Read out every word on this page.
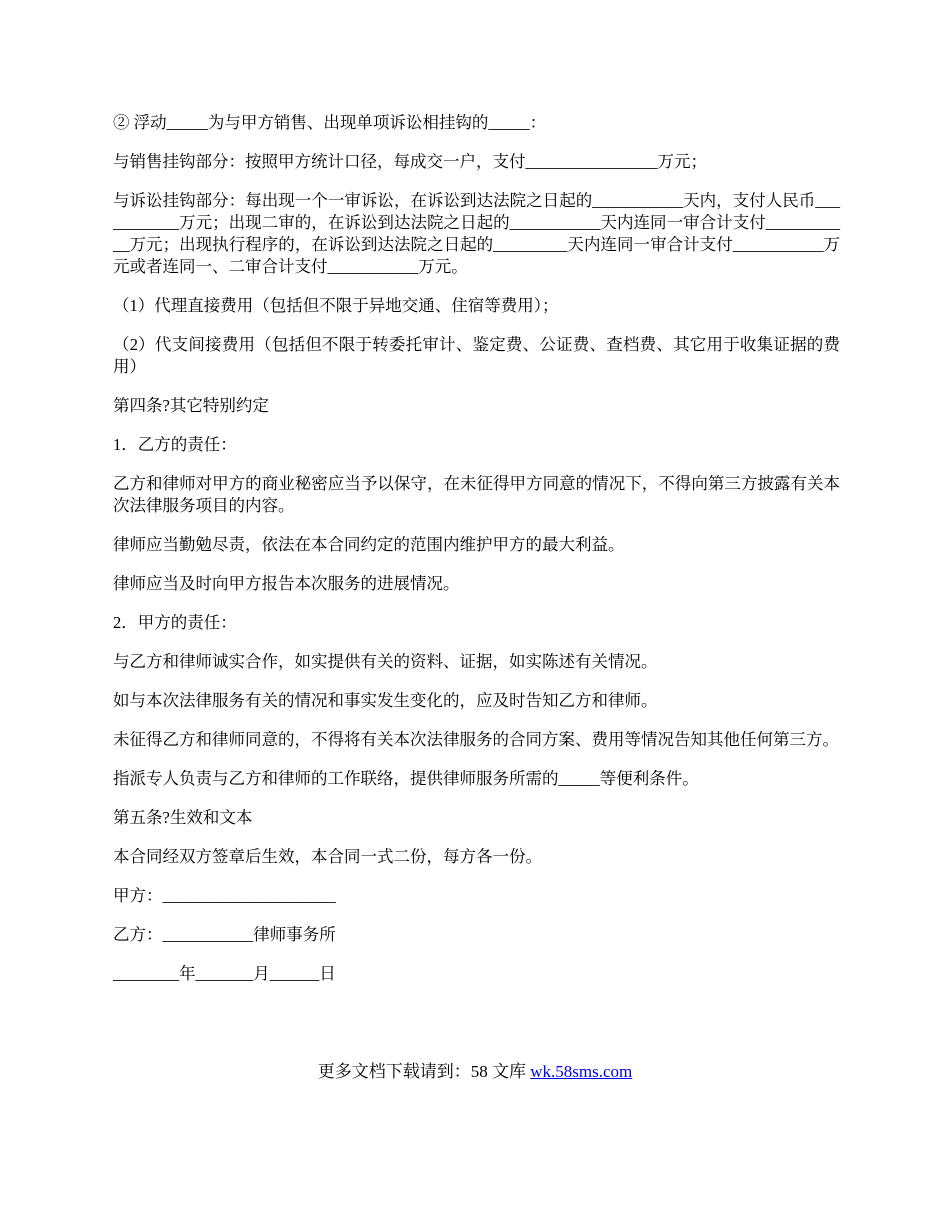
② 浮动_____为与甲方销售、出现单项诉讼相挂钩的_____：

与销售挂钩部分：按照甲方统计口径，每成交一户，支付________________万元；

与诉讼挂钩部分：每出现一个一审诉讼，在诉讼到达法院之日起的___________天内，支付人民币___________万元；出现二审的，在诉讼到达法院之日起的___________天内连同一审合计支付___________万元；出现执行程序的，在诉讼到达法院之日起的_________天内连同一审合计支付___________万元或者连同一、二审合计支付___________万元。

（1）代理直接费用（包括但不限于异地交通、住宿等费用）；

（2）代支间接费用（包括但不限于转委托审计、鉴定费、公证费、查档费、其它用于收集证据的费用）

第四条?其它特别约定

1．乙方的责任：

乙方和律师对甲方的商业秘密应当予以保守，在未征得甲方同意的情况下，不得向第三方披露有关本次法律服务项目的内容。

律师应当勤勉尽责，依法在本合同约定的范围内维护甲方的最大利益。

律师应当及时向甲方报告本次服务的进展情况。

2．甲方的责任：

与乙方和律师诚实合作，如实提供有关的资料、证据，如实陈述有关情况。

如与本次法律服务有关的情况和事实发生变化的，应及时告知乙方和律师。

未征得乙方和律师同意的，不得将有关本次法律服务的合同方案、费用等情况告知其他任何第三方。

指派专人负责与乙方和律师的工作联络，提供律师服务所需的_____等便利条件。

第五条?生效和文本

本合同经双方签章后生效，本合同一式二份，每方各一份。

甲方：_____________________

乙方：___________律师事务所

________年_______月______日

更多文档下载请到：58 文库 wk.58sms.com
